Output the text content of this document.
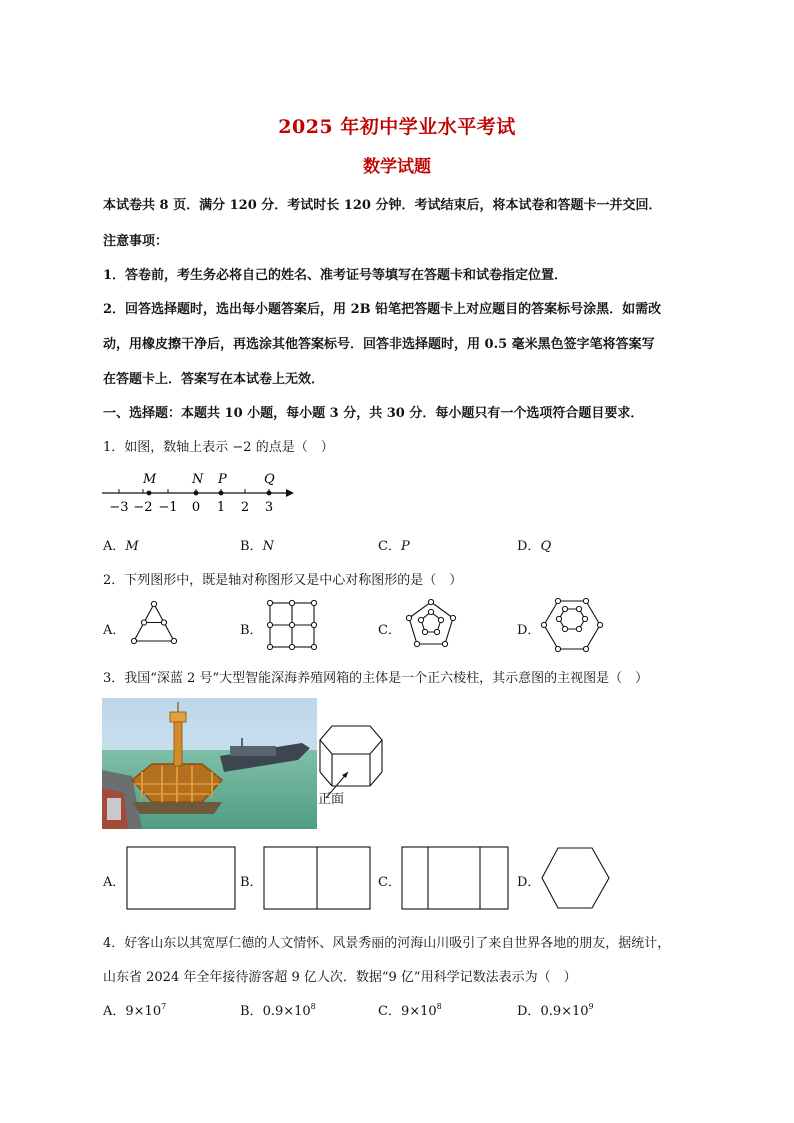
2025 年初中学业水平考试
数学试题
本试卷共 8 页．满分 120 分．考试时长 120 分钟．考试结束后，将本试卷和答题卡一并交回．
注意事项：
1．答卷前，考生务必将自己的姓名、准考证号等填写在答题卡和试卷指定位置．
2．回答选择题时，选出每小题答案后，用 2B 铅笔把答题卡上对应题目的答案标号涂黑．如需改
动，用橡皮擦干净后，再选涂其他答案标号．回答非选择题时，用 0.5 毫米黑色签字笔将答案写
在答题卡上．答案写在本试卷上无效．
一、选择题：本题共 10 小题，每小题 3 分，共 30 分．每小题只有一个选项符合题目要求．
1．如图，数轴上表示 −2 的点是（　）
M	N P	Q
−3 −2 −1 0 1 2 3
A．M	B．N	C．P	D．Q
2．下列图形中，既是轴对称图形又是中心对称图形的是（　）
A．	B．	C．	D．
3．我国“深蓝 2 号”大型智能深海养殖网箱的主体是一个正六棱柱，其示意图的主视图是（　）
正面
A．	B．	C．	D．
4．好客山东以其宽厚仁德的人文情怀、风景秀丽的河海山川吸引了来自世界各地的朋友，据统计，
山东省 2024 年全年接待游客超 9 亿人次．数据“9 亿”用科学记数法表示为（　）
A．$9\times 10^7$	B．$0.9\times 10^8$	C．$9\times 10^8$	D．$0.9\times 10^9$
